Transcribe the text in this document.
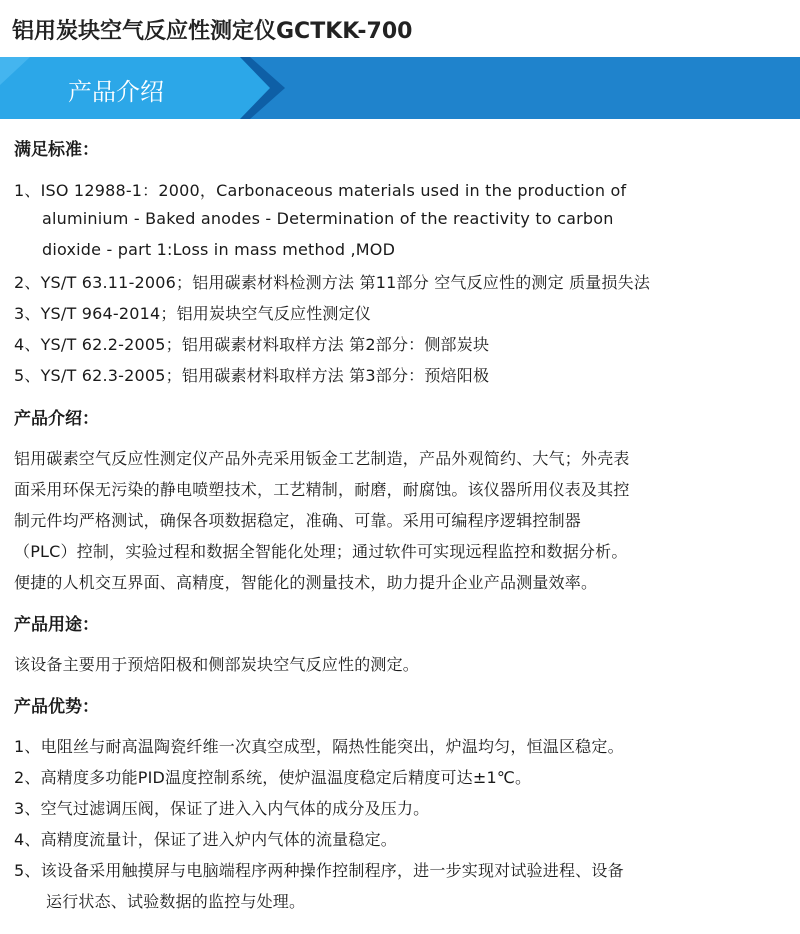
铝用炭块空气反应性测定仪GCTKK-700
产品介绍
满足标准：
1、ISO 12988-1：2000，Carbonaceous materials used in the production of
aluminium - Baked anodes - Determination of the reactivity to carbon
dioxide - part 1:Loss in mass method ,MOD
2、YS/T 63.11-2006；铝用碳素材料检测方法 第11部分 空气反应性的测定 质量损失法
3、YS/T 964-2014；铝用炭块空气反应性测定仪
4、YS/T 62.2-2005；铝用碳素材料取样方法 第2部分：侧部炭块
5、YS/T 62.3-2005；铝用碳素材料取样方法 第3部分：预焙阳极
产品介绍：
铝用碳素空气反应性测定仪产品外壳采用钣金工艺制造，产品外观简约、大气；外壳表
面采用环保无污染的静电喷塑技术，工艺精制，耐磨，耐腐蚀。该仪器所用仪表及其控
制元件均严格测试，确保各项数据稳定，准确、可靠。采用可编程序逻辑控制器
（PLC）控制，实验过程和数据全智能化处理；通过软件可实现远程监控和数据分析。
便捷的人机交互界面、高精度，智能化的测量技术，助力提升企业产品测量效率。
产品用途：
该设备主要用于预焙阳极和侧部炭块空气反应性的测定。
产品优势：
1、电阻丝与耐高温陶瓷纤维一次真空成型，隔热性能突出，炉温均匀，恒温区稳定。
2、高精度多功能PID温度控制系统，使炉温温度稳定后精度可达±1℃。
3、空气过滤调压阀，保证了进入入内气体的成分及压力。
4、高精度流量计，保证了进入炉内气体的流量稳定。
5、该设备采用触摸屏与电脑端程序两种操作控制程序，进一步实现对试验进程、设备
运行状态、试验数据的监控与处理。
